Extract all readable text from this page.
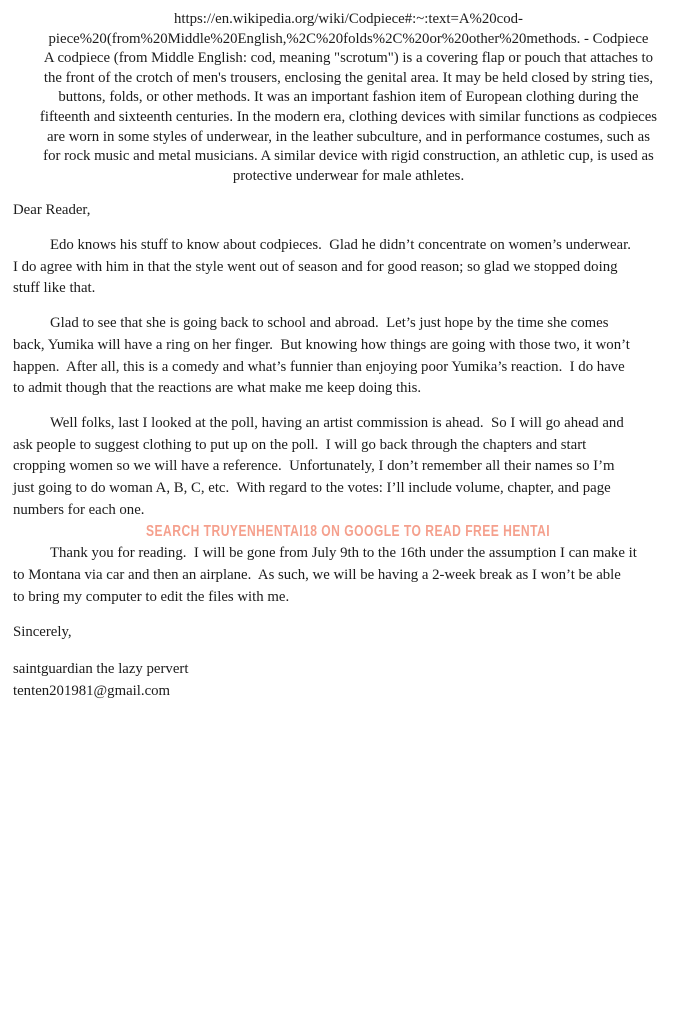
https://en.wikipedia.org/wiki/Codpiece#:~:text=A%20cod-
piece%20(from%20Middle%20English,%2C%20folds%2C%20or%20other%20methods. - Codpiece
A codpiece (from Middle English: cod, meaning "scrotum") is a covering flap or pouch that attaches to
the front of the crotch of men's trousers, enclosing the genital area. It may be held closed by string ties,
buttons, folds, or other methods. It was an important fashion item of European clothing during the
fifteenth and sixteenth centuries. In the modern era, clothing devices with similar functions as codpieces
are worn in some styles of underwear, in the leather subculture, and in performance costumes, such as
for rock music and metal musicians. A similar device with rigid construction, an athletic cup, is used as
protective underwear for male athletes.
Dear Reader,
Edo knows his stuff to know about codpieces.  Glad he didn’t concentrate on women’s underwear.
I do agree with him in that the style went out of season and for good reason; so glad we stopped doing
stuff like that.
Glad to see that she is going back to school and abroad.  Let’s just hope by the time she comes
back, Yumika will have a ring on her finger.  But knowing how things are going with those two, it won’t
happen.  After all, this is a comedy and what’s funnier than enjoying poor Yumika’s reaction.  I do have
to admit though that the reactions are what make me keep doing this.
Well folks, last I looked at the poll, having an artist commission is ahead.  So I will go ahead and
ask people to suggest clothing to put up on the poll.  I will go back through the chapters and start
cropping women so we will have a reference.  Unfortunately, I don’t remember all their names so I’m
just going to do woman A, B, C, etc.  With regard to the votes: I’ll include volume, chapter, and page
numbers for each one.
SEARCH TRUYENHENTAI18 ON GOOGLE TO READ FREE HENTAI
Thank you for reading.  I will be gone from July 9th to the 16th under the assumption I can make it
to Montana via car and then an airplane.  As such, we will be having a 2-week break as I won’t be able
to bring my computer to edit the files with me.
Sincerely,
saintguardian the lazy pervert
tenten201981@gmail.com
